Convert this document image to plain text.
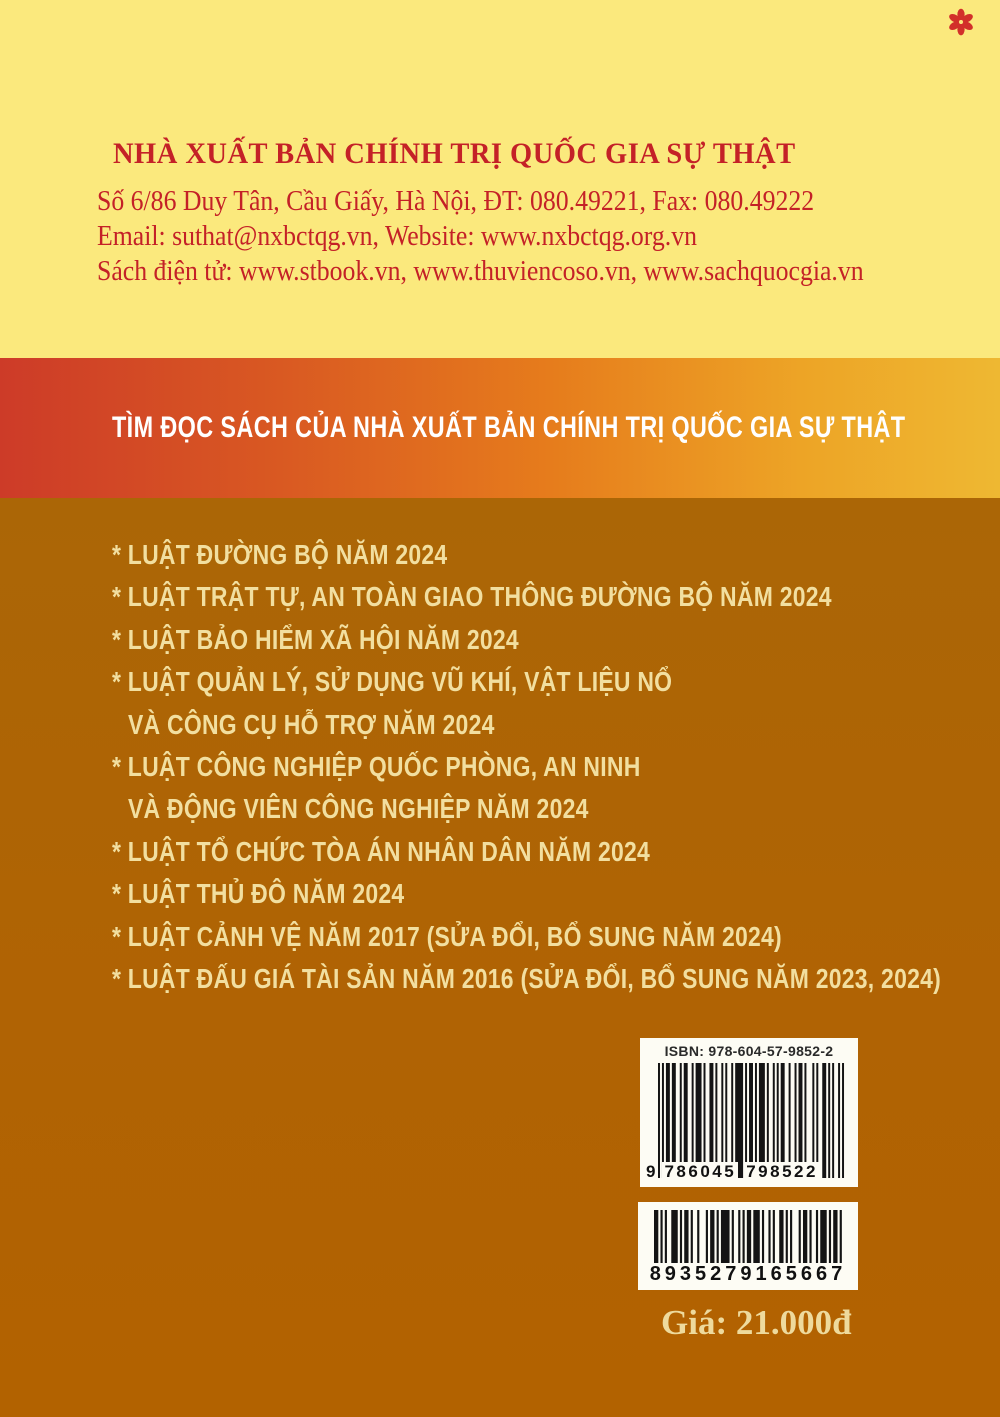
NHÀ XUẤT BẢN CHÍNH TRỊ QUỐC GIA SỰ THẬT
Số 6/86 Duy Tân, Cầu Giấy, Hà Nội, ĐT: 080.49221, Fax: 080.49222
Email: suthat@nxbctqg.vn, Website: www.nxbctqg.org.vn
Sách điện tử: www.stbook.vn, www.thuviencoso.vn, www.sachquocgia.vn
TÌM ĐỌC SÁCH CỦA NHÀ XUẤT BẢN CHÍNH TRỊ QUỐC GIA SỰ THẬT
* LUẬT ĐƯỜNG BỘ NĂM 2024
* LUẬT TRẬT TỰ, AN TOÀN GIAO THÔNG ĐƯỜNG BỘ NĂM 2024
* LUẬT BẢO HIỂM XÃ HỘI NĂM 2024
* LUẬT QUẢN LÝ, SỬ DỤNG VŨ KHÍ, VẬT LIỆU NỔ
VÀ CÔNG CỤ HỖ TRỢ NĂM 2024
* LUẬT CÔNG NGHIỆP QUỐC PHÒNG, AN NINH
VÀ ĐỘNG VIÊN CÔNG NGHIỆP NĂM 2024
* LUẬT TỔ CHỨC TÒA ÁN NHÂN DÂN NĂM 2024
* LUẬT THỦ ĐÔ NĂM 2024
* LUẬT CẢNH VỆ NĂM 2017 (SỬA ĐỔI, BỔ SUNG NĂM 2024)
* LUẬT ĐẤU GIÁ TÀI SẢN NĂM 2016 (SỬA ĐỔI, BỔ SUNG NĂM 2023, 2024)
ISBN: 978-604-57-9852-2
9 786045 798522
8935279165667
Giá: 21.000đ
